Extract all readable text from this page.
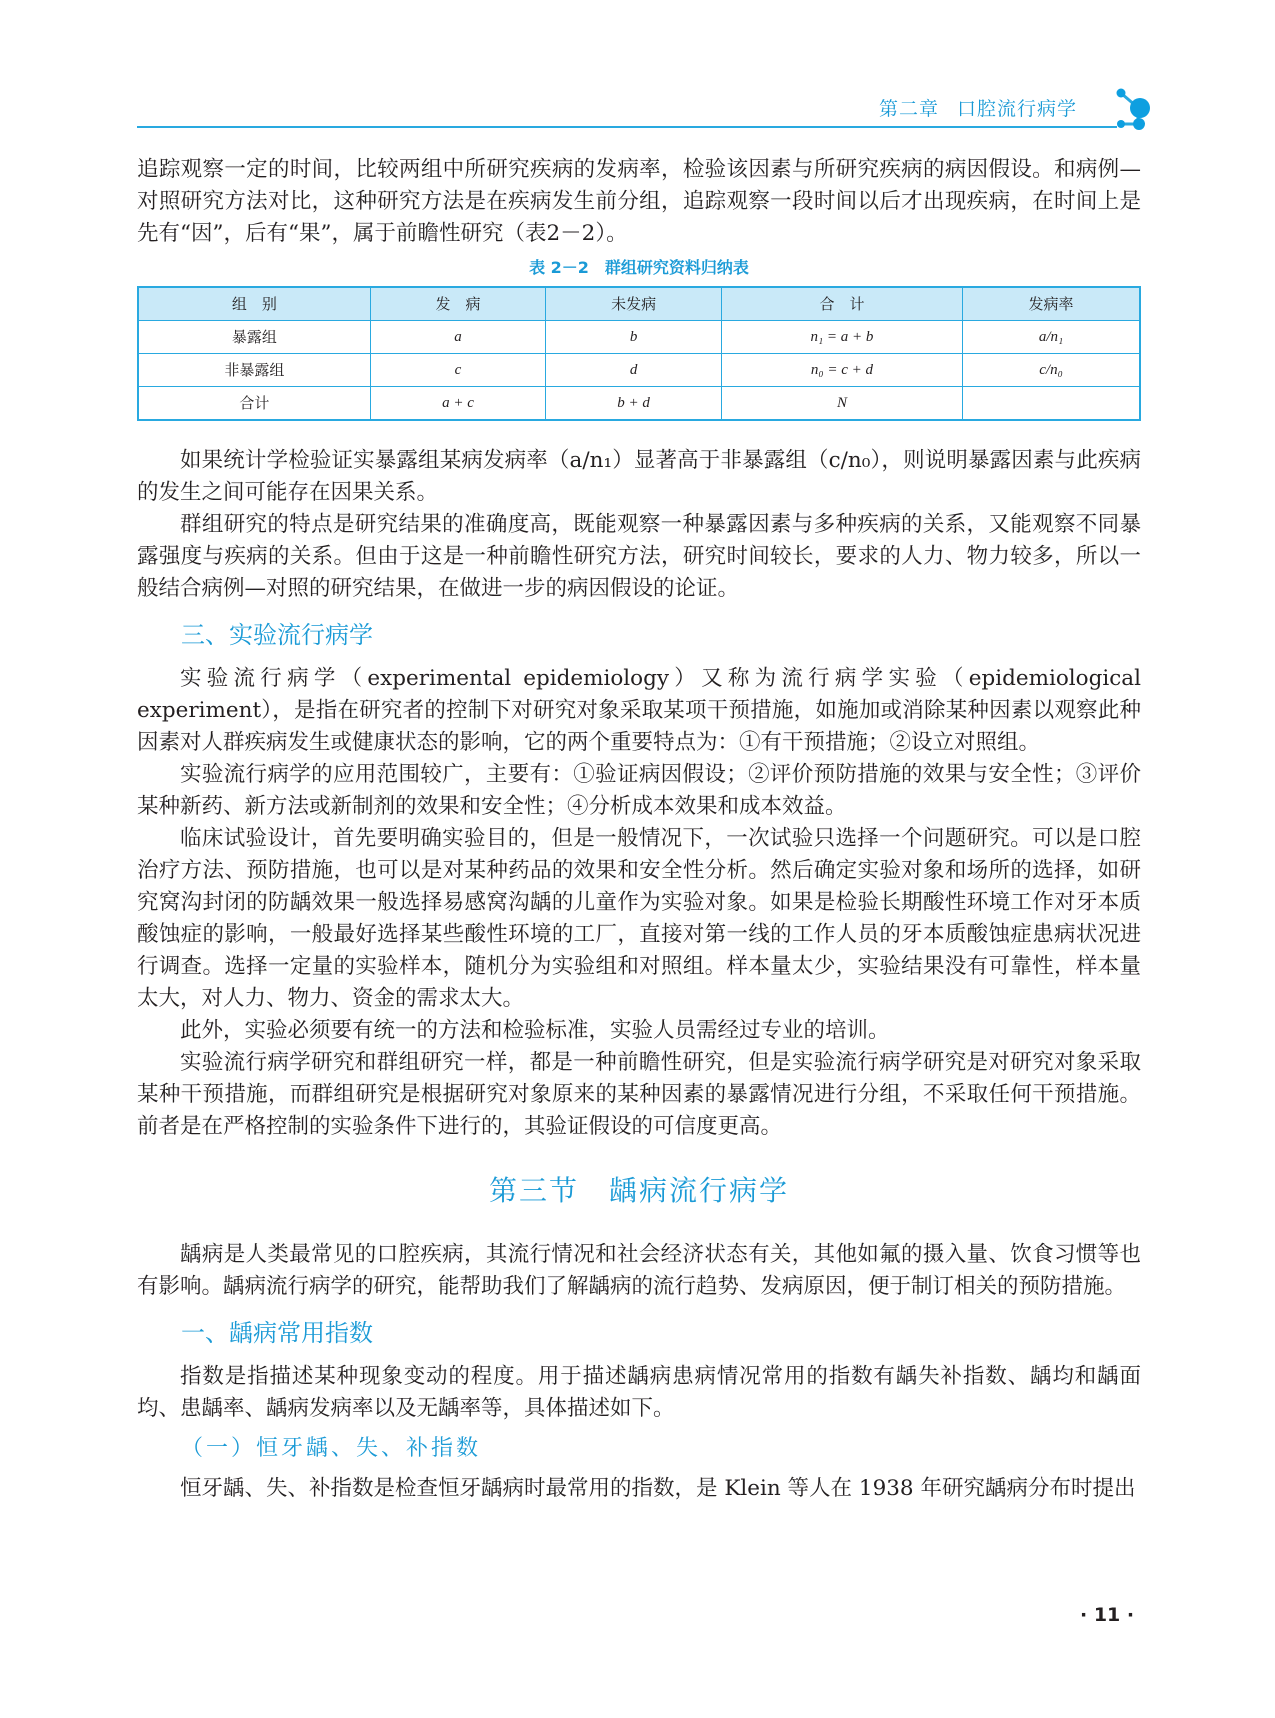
第二章 口腔流行病学

追踪观察一定的时间，比较两组中所研究疾病的发病率，检验该因素与所研究疾病的病因假设。和病例—对照研究方法对比，这种研究方法是在疾病发生前分组，追踪观察一段时间以后才出现疾病，在时间上是先有“因”，后有“果”，属于前瞻性研究（表2－2）。

表 2－2　群组研究资料归纳表
组　别	发　病	未发病	合　计	发病率
暴露组	a	b	n₁ = a + b	a/n₁
非暴露组	c	d	n₀ = c + d	c/n₀
合计	a + c	b + d	N	

如果统计学检验证实暴露组某病发病率（a/n₁）显著高于非暴露组（c/n₀），则说明暴露因素与此疾病的发生之间可能存在因果关系。

群组研究的特点是研究结果的准确度高，既能观察一种暴露因素与多种疾病的关系，又能观察不同暴露强度与疾病的关系。但由于这是一种前瞻性研究方法，研究时间较长，要求的人力、物力较多，所以一般结合病例—对照的研究结果，在做进一步的病因假设的论证。

三、实验流行病学

实验流行病学（experimental epidemiology）又称为流行病学实验（epidemiological experiment），是指在研究者的控制下对研究对象采取某项干预措施，如施加或消除某种因素以观察此种因素对人群疾病发生或健康状态的影响，它的两个重要特点为：①有干预措施；②设立对照组。

实验流行病学的应用范围较广，主要有：①验证病因假设；②评价预防措施的效果与安全性；③评价某种新药、新方法或新制剂的效果和安全性；④分析成本效果和成本效益。

临床试验设计，首先要明确实验目的，但是一般情况下，一次试验只选择一个问题研究。可以是口腔治疗方法、预防措施，也可以是对某种药品的效果和安全性分析。然后确定实验对象和场所的选择，如研究窝沟封闭的防龋效果一般选择易感窝沟龋的儿童作为实验对象。如果是检验长期酸性环境工作对牙本质酸蚀症的影响，一般最好选择某些酸性环境的工厂，直接对第一线的工作人员的牙本质酸蚀症患病状况进行调查。选择一定量的实验样本，随机分为实验组和对照组。样本量太少，实验结果没有可靠性，样本量太大，对人力、物力、资金的需求太大。

此外，实验必须要有统一的方法和检验标准，实验人员需经过专业的培训。

实验流行病学研究和群组研究一样，都是一种前瞻性研究，但是实验流行病学研究是对研究对象采取某种干预措施，而群组研究是根据研究对象原来的某种因素的暴露情况进行分组，不采取任何干预措施。前者是在严格控制的实验条件下进行的，其验证假设的可信度更高。

第三节 龋病流行病学

龋病是人类最常见的口腔疾病，其流行情况和社会经济状态有关，其他如氟的摄入量、饮食习惯等也有影响。龋病流行病学的研究，能帮助我们了解龋病的流行趋势、发病原因，便于制订相关的预防措施。

一、龋病常用指数

指数是指描述某种现象变动的程度。用于描述龋病患病情况常用的指数有龋失补指数、龋均和龋面均、患龋率、龋病发病率以及无龋率等，具体描述如下。

（一）恒牙龋、失、补指数

恒牙龋、失、补指数是检查恒牙龋病时最常用的指数，是 Klein 等人在 1938 年研究龋病分布时提出

· 11 ·
